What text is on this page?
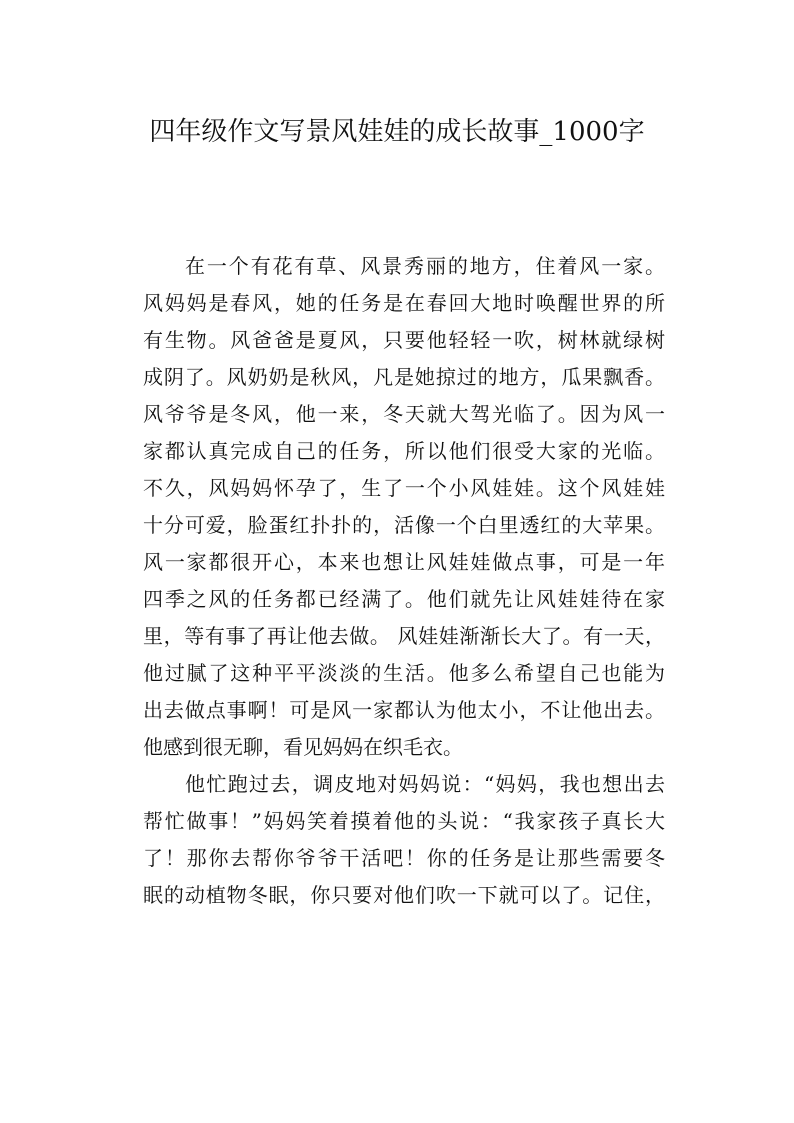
四年级作文写景风娃娃的成长故事_1000字
在一个有花有草、风景秀丽的地方，住着风一家。
风妈妈是春风，她的任务是在春回大地时唤醒世界的所
有生物。风爸爸是夏风，只要他轻轻一吹，树林就绿树
成阴了。风奶奶是秋风，凡是她掠过的地方，瓜果飘香。
风爷爷是冬风，他一来，冬天就大驾光临了。因为风一
家都认真完成自己的任务，所以他们很受大家的光临。
不久，风妈妈怀孕了，生了一个小风娃娃。这个风娃娃
十分可爱，脸蛋红扑扑的，活像一个白里透红的大苹果。
风一家都很开心，本来也想让风娃娃做点事，可是一年
四季之风的任务都已经满了。他们就先让风娃娃待在家
里，等有事了再让他去做。 风娃娃渐渐长大了。有一天，
他过腻了这种平平淡淡的生活。他多么希望自己也能为
出去做点事啊！可是风一家都认为他太小，不让他出去。
他感到很无聊，看见妈妈在织毛衣。
他忙跑过去，调皮地对妈妈说：“妈妈，我也想出去
帮忙做事！”妈妈笑着摸着他的头说：“我家孩子真长大
了！那你去帮你爷爷干活吧！你的任务是让那些需要冬
眠的动植物冬眠，你只要对他们吹一下就可以了。记住，
